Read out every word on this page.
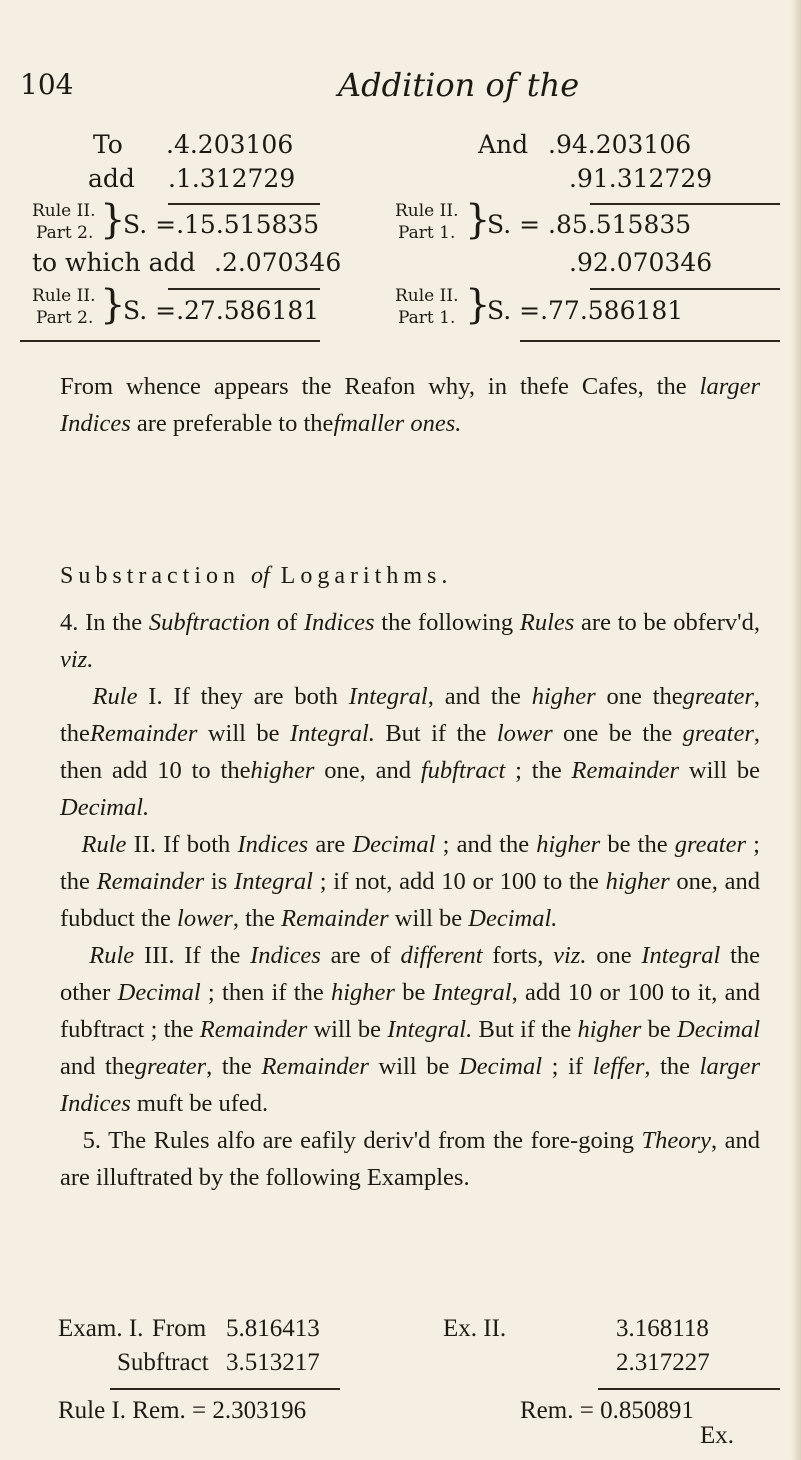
104	Addition of the
To .4.203106
add .1.312729
Rule II.
Part 2. }
S. =.15.515835
to which add .2.070346
Rule II.
Part 2. }
S. =.27.586181
And .94.203106
.91.312729
Rule II.
Part 1. }
S. = .85.515835
.92.070346
Rule II.
Part 1. }
S. =.77.586181
From whence appears the Reafon why, in thefe Cafes, the larger Indices are preferable to thefmaller ones.
Substraction of Logarithms.
4. In the Subftraction of Indices the following Rules are to be obferv'd, viz.
Rule I. If they are both Integral, and the higher one thegreater, theRemainder will be Integral. But if the lower one be the greater, then add 10 to thehigher one, and fubftract ; the Remainder will be Decimal.
Rule II. If both Indices are Decimal ; and the higher be the greater ; the Remainder is Integral ; if not, add 10 or 100 to the higher one, and fubduct the lower, the Remainder will be Decimal.
Rule III. If the Indices are of different forts, viz. one Integral the other Decimal ; then if the higher be Integral, add 10 or 100 to it, and fubftract ; the Remainder will be Integral. But if the higher be Decimal and thegreater, the Remainder will be Decimal ; if leffer, the larger Indices muft be ufed.
5. The Rules alfo are eafily deriv'd from the fore-going Theory, and are illuftrated by the following Examples.
Exam. I. From 5.816413
Subftract 3.513217
Rule I. Rem. = 2.303196
Ex. II.	3.168118
2.317227
Rem. = 0.850891
Ex.
